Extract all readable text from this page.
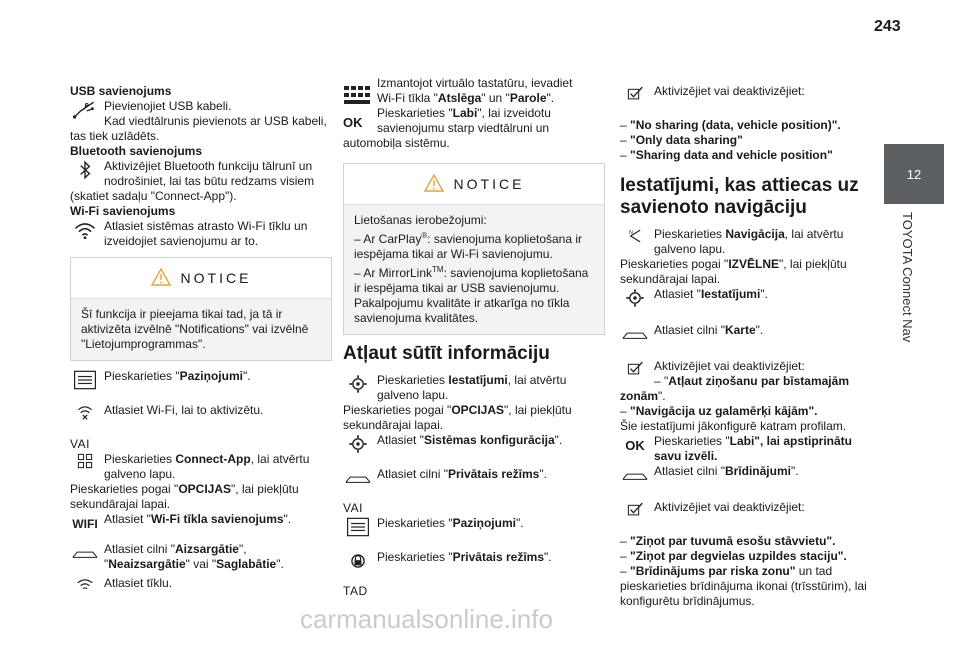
243
12
TOYOTA Connect Nav

USB savienojums

Pievienojiet USB kabeli.

Kad viedtālrunis pievienots ar USB kabeli,

tas tiek uzlādēts.

Bluetooth savienojums

Aktivizējiet Bluetooth funkciju tālrunī un

nodrošiniet, lai tas būtu redzams visiem

(skatiet sadaļu "Connect-App").

Wi-Fi savienojums

Atlasiet sistēmas atrasto Wi-Fi tīklu un

izveidojiet savienojumu ar to.

NOTICE

Šī funkcija ir pieejama tikai tad, ja tā ir aktivizēta izvēlnē "Notifications" vai izvēlnē "Lietojumprogrammas".

Pieskarieties "Paziņojumi".

Atlasiet Wi-Fi, lai to aktivizētu.

VAI

Pieskarieties Connect-App, lai atvērtu

galveno lapu.

Pieskarieties pogai "OPCIJAS", lai piekļūtu

sekundārajai lapai.

WIFI Atlasiet "Wi-Fi tīkla savienojums".

Atlasiet cilni "Aizsargātie",

"Neaizsargātie" vai "Saglabātie".

Atlasiet tīklu.

OK

Izmantojot virtuālo tastatūru, ievadiet

Wi-Fi tīkla "Atslēga" un "Parole".

Pieskarieties "Labi", lai izveidotu

savienojumu starp viedtālruni un

automobiļa sistēmu.

NOTICE

Lietošanas ierobežojumi:

– Ar CarPlay®: savienojuma koplietošana ir

iespējama tikai ar Wi-Fi savienojumu.

– Ar MirrorLink™: savienojuma koplietošana

ir iespējama tikai ar USB savienojumu.

Pakalpojumu kvalitāte ir atkarīga no tīkla

savienojuma kvalitātes.

Atļaut sūtīt informāciju

Pieskarieties Iestatījumi, lai atvērtu

galveno lapu.

Pieskarieties pogai "OPCIJAS", lai piekļūtu

sekundārajai lapai.

Atlasiet "Sistēmas konfigurācija".

Atlasiet cilni "Privātais režīms".

VAI

Pieskarieties "Paziņojumi".

Pieskarieties "Privātais režīms".

TAD

Aktivizējiet vai deaktivizējiet:

– "No sharing (data, vehicle position)".

– "Only data sharing"

– "Sharing data and vehicle position"

Iestatījumi, kas attiecas uz
savienoto navigāciju
N Pieskarieties Navigācija, lai atvērtu

galveno lapu.

Pieskarieties pogai "IZVĒLNE", lai piekļūtu

sekundārajai lapai.

Atlasiet "Iestatījumi".

Atlasiet cilni "Karte".

Aktivizējiet vai deaktivizējiet:

– "Atļaut ziņošanu par bīstamajām

zonām".

– "Navigācija uz galamērķi kājām".

Šie iestatījumi jākonfigurē katram profilam.

OK Pieskarieties "Labi", lai apstiprinātu

savu izvēli.

Atlasiet cilni "Brīdinājumi".

Aktivizējiet vai deaktivizējiet:

– "Ziņot par tuvumā esošu stāvvietu".

– "Ziņot par degvielas uzpildes staciju".

– "Brīdinājums par riska zonu" un tad

pieskarieties brīdinājuma ikonai (trīsstūrim), lai

konfigurētu brīdinājumus.

carmanualsonline.info
